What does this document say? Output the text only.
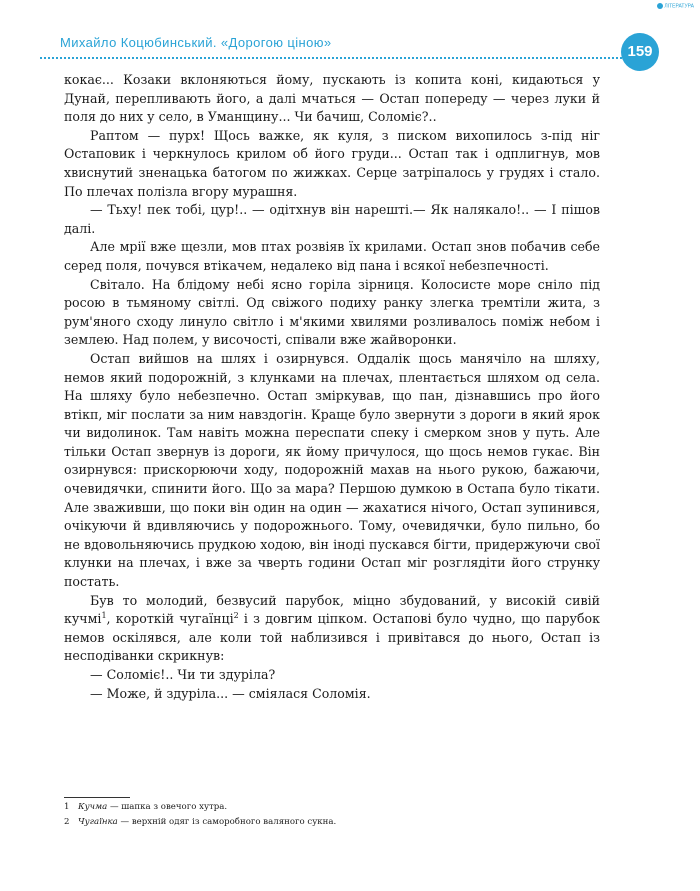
ЛІТЕРАТУРА
Михайло Коцюбинський. «Дорогою ціною»
159

кокає... Козаки вклоняються йому, пускають із копита коні, кидаються у Дунай, перепливають його, а далі мчаться — Остап попереду — через луки й поля до них у село, в Уманщину... Чи бачиш, Соломіє?..

Раптом — пурх! Щось важке, як куля, з писком вихопилось з-під ніг Остаповик і черкнулось крилом об його груди... Остап так і одплигнув, мов хвиснутий зненацька батогом по жижках. Серце затріпалось у грудях і стало. По плечах полізла вгору мурашня.

— Тьху! пек тобі, цур!.. — одітхнув він нарешті.— Як налякало!.. — І пішов далі.

Але мрії вже щезли, мов птах розвіяв їх крилами. Остап знов побачив себе серед поля, почувся втікачем, недалеко від пана і всякої небезпечності.

Світало. На блідому небі ясно горіла зірниця. Колосисте море сніло під росою в тьмяному світлі. Од свіжого подиху ранку злегка тремтіли жита, з рум'яного сходу линуло світло і м'якими хвилями розливалось поміж небом і землею. Над полем, у височості, співали вже жайворонки.

Остап вийшов на шлях і озирнувся. Оддалік щось манячіло на шляху, немов який подорожній, з клунками на плечах, плентається шляхом од села. На шляху було небезпечно. Остап зміркував, що пан, дізнавшись про його втікп, міг послати за ним навздогін. Краще було звернути з дороги в який ярок чи видолинок. Там навіть можна переспати спеку і смерком знов у путь. Але тільки Остап звернув із дороги, як йому причулося, що щось немов гукає. Він озирнувся: прискорюючи ходу, подорожній махав на нього рукою, бажаючи, очевидячки, спинити його. Що за мара? Першою думкою в Остапа було тікати. Але зваживши, що поки він один на один — жахатися нічого, Остап зупинився, очікуючи й вдивляючись у подорожнього. Тому, очевидячки, було пильно, бо не вдовольняючись прудкою ходою, він іноді пускався бігти, придержуючи свої клунки на плечах, і вже за чверть години Остап міг розглядіти його стрункy постать.

Був то молодий, безвусий парубок, міцно збудований, у високій сивій кучмі$^1$, короткій чугаїнці$^2$ і з довгим ціпком. Остапові було чудно, що парубок немов оскілявся, але коли той наблизився і привітався до нього, Остап із несподіванки скрикнув:

— Соломіє!.. Чи ти здуріла?

— Може, й здуріла... — сміялася Соломія.

1 Кучма — шапка з овечого хутра.
2 Чугаїнка — верхній одяг із саморобного валяного сукна.
